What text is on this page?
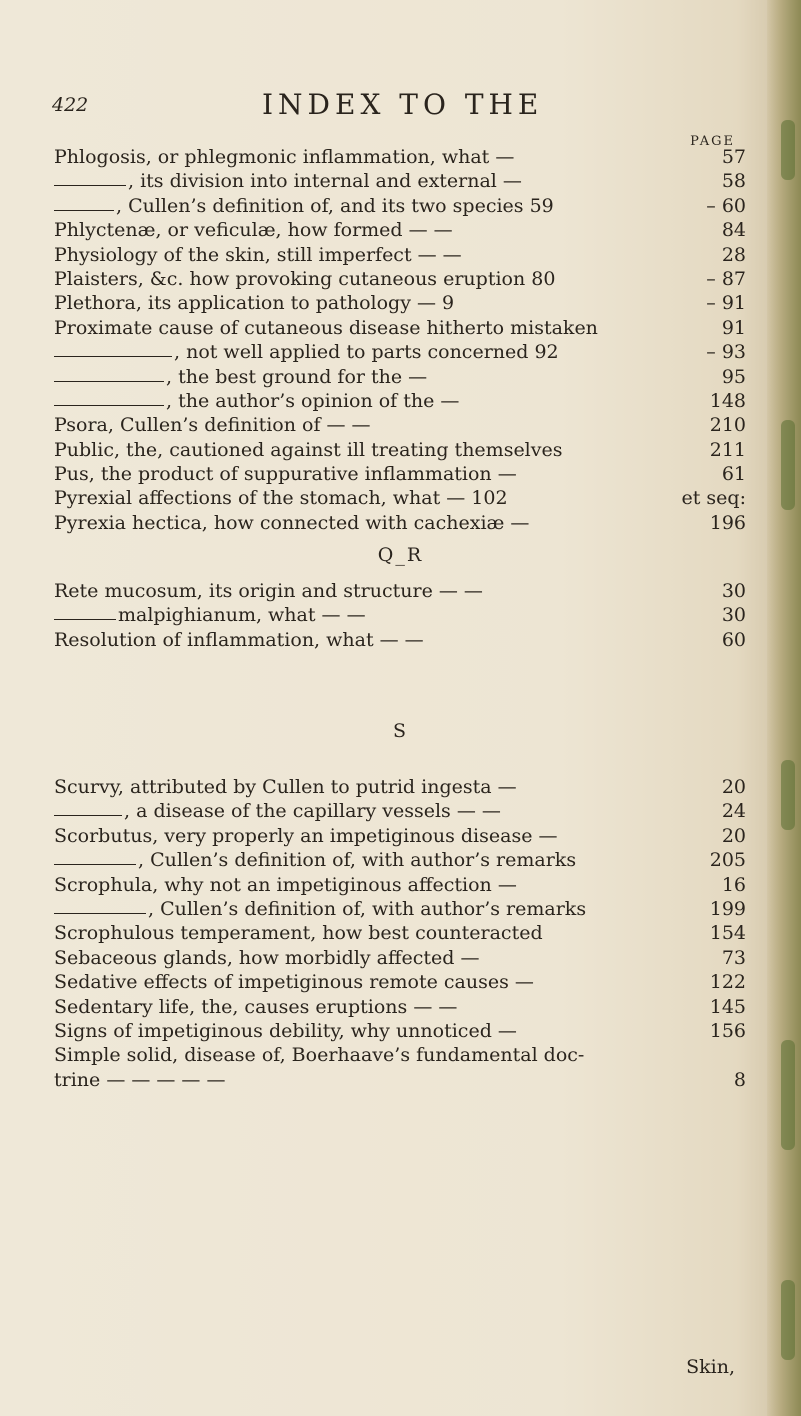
422	INDEX TO THE
PAGE
Phlogosis, or phlegmonic inflammation, what —	57
, its division into internal and external —	58
, Cullen’s definition of, and its two species 59	– 60
Phlyctenæ, or veficulæ, how formed — —	84
Physiology of the skin, still imperfect — —	28
Plaisters, &c. how provoking cutaneous eruption 80	– 87
Plethora, its application to pathology — 9	– 91
Proximate cause of cutaneous disease hitherto mistaken	91
, not well applied to parts concerned 92	– 93
, the best ground for the —	95
, the author’s opinion of the —	148
Psora, Cullen’s definition of — —	210
Public, the, cautioned against ill treating themselves	211
Pus, the product of suppurative inflammation —	61
Pyrexial affections of the stomach, what — 102	et seq:
Pyrexia hectica, how connected with cachexiæ —	196
Q_R
Rete mucosum, its origin and structure — —	30
malpighianum, what — —	30
Resolution of inflammation, what — —	60
S
Scurvy, attributed by Cullen to putrid ingesta —	20
, a disease of the capillary vessels — —	24
Scorbutus, very properly an impetiginous disease —	20
, Cullen’s definition of, with author’s remarks	205
Scrophula, why not an impetiginous affection —	16
, Cullen’s definition of, with author’s remarks	199
Scrophulous temperament, how best counteracted	154
Sebaceous glands, how morbidly affected —	73
Sedative effects of impetiginous remote causes —	122
Sedentary life, the, causes eruptions — —	145
Signs of impetiginous debility, why unnoticed —	156
Simple solid, disease of, Boerhaave’s fundamental doc-
trine — — — — —	8
Skin,
